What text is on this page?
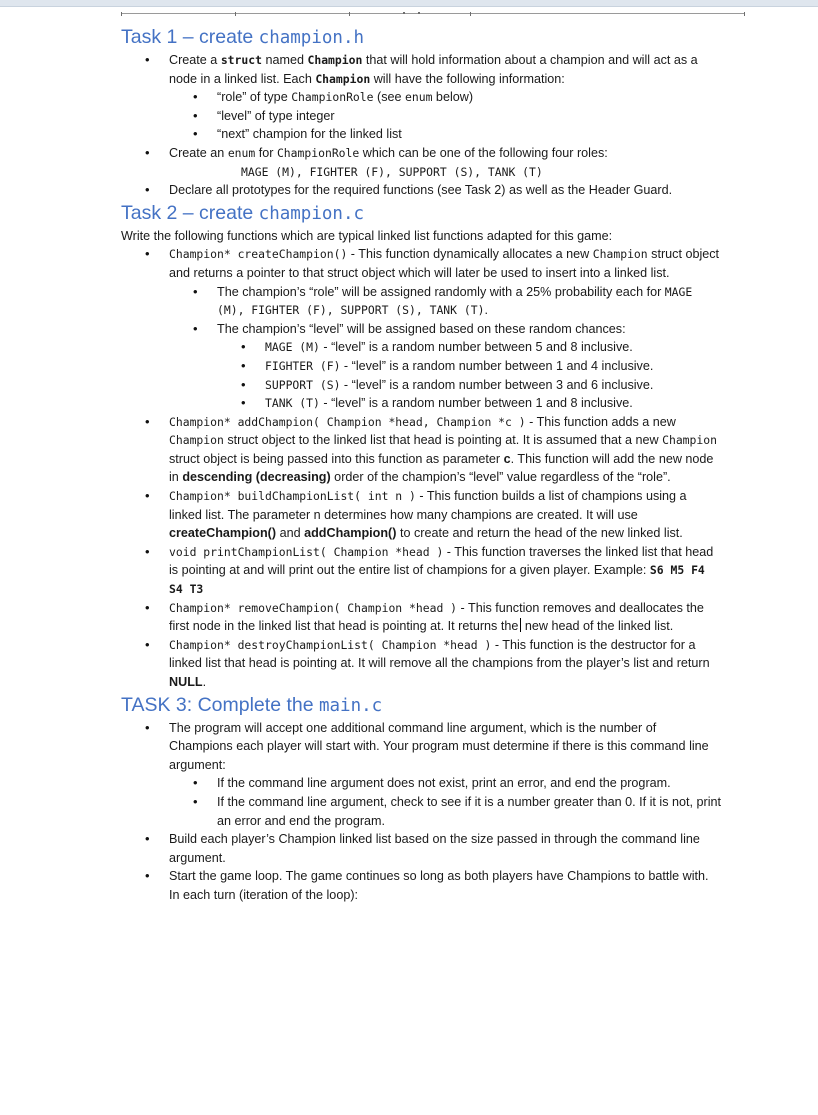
Task 1 – create champion.h
• Create a struct named Champion that will hold information about a champion and will act as a node in a linked list. Each Champion will have the following information:
• “role” of type ChampionRole (see enum below)
• “level” of type integer
• “next” champion for the linked list
• Create an enum for ChampionRole which can be one of the following four roles:
MAGE (M), FIGHTER (F), SUPPORT (S), TANK (T)
• Declare all prototypes for the required functions (see Task 2) as well as the Header Guard.
Task 2 – create champion.c

Write the following functions which are typical linked list functions adapted for this game:

• Champion* createChampion() - This function dynamically allocates a new Champion struct object and returns a pointer to that struct object which will later be used to insert into a linked list.
• The champion’s “role” will be assigned randomly with a 25% probability each for MAGE (M), FIGHTER (F), SUPPORT (S), TANK (T).
• The champion’s “level” will be assigned based on these random chances:
• MAGE (M) - “level” is a random number between 5 and 8 inclusive.
• FIGHTER (F) - “level” is a random number between 1 and 4 inclusive.
• SUPPORT (S) - “level” is a random number between 3 and 6 inclusive.
• TANK (T) - “level” is a random number between 1 and 8 inclusive.
• Champion* addChampion( Champion *head, Champion *c ) - This function adds a new Champion struct object to the linked list that head is pointing at. It is assumed that a new Champion struct object is being passed into this function as parameter c. This function will add the new node in descending (decreasing) order of the champion’s “level” value regardless of the “role”.
• Champion* buildChampionList( int n ) - This function builds a list of champions using a linked list. The parameter n determines how many champions are created. It will use createChampion() and addChampion() to create and return the head of the new linked list.
• void printChampionList( Champion *head ) - This function traverses the linked list that head is pointing at and will print out the entire list of champions for a given player. Example: S6 M5 F4 S4 T3
• Champion* removeChampion( Champion *head ) - This function removes and deallocates the first node in the linked list that head is pointing at. It returns the new head of the linked list.
• Champion* destroyChampionList( Champion *head ) - This function is the destructor for a linked list that head is pointing at. It will remove all the champions from the player’s list and return NULL.
TASK 3: Complete the main.c
• The program will accept one additional command line argument, which is the number of Champions each player will start with. Your program must determine if there is this command line argument:
• If the command line argument does not exist, print an error, and end the program.
• If the command line argument, check to see if it is a number greater than 0. If it is not, print an error and end the program.
• Build each player’s Champion linked list based on the size passed in through the command line argument.
• Start the game loop. The game continues so long as both players have Champions to battle with. In each turn (iteration of the loop):
